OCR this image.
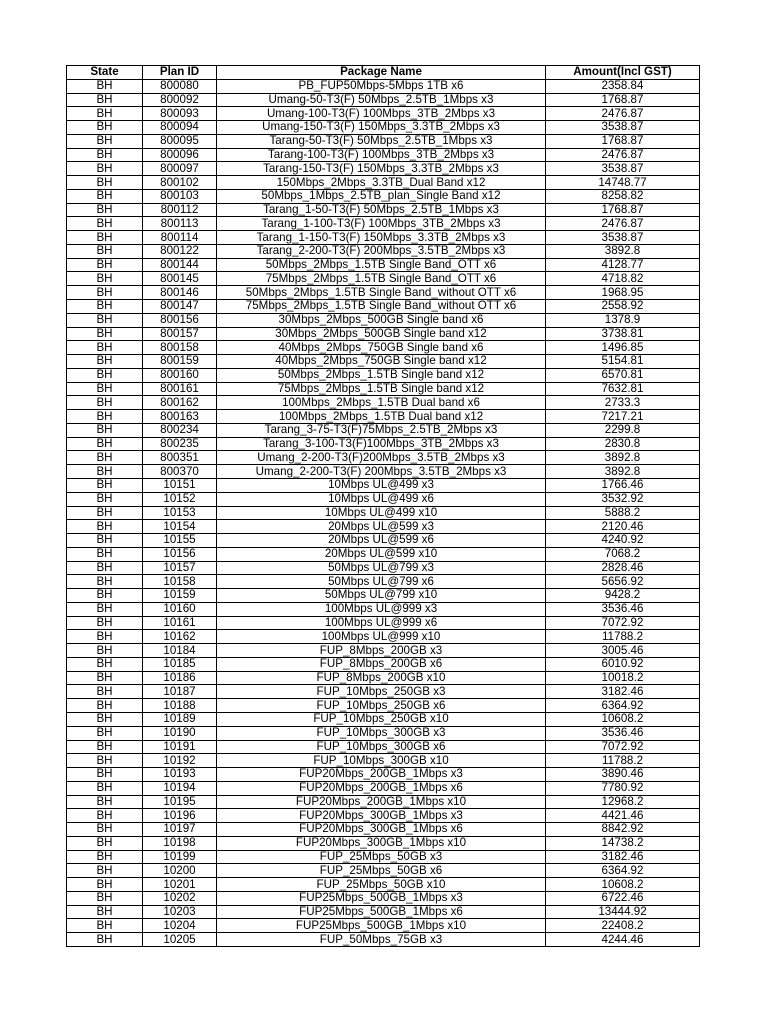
State	Plan ID	Package Name	Amount(Incl GST)
BH	800080	PB_FUP50Mbps-5Mbps 1TB x6	2358.84
BH	800092	Umang-50-T3(F) 50Mbps_2.5TB_1Mbps x3	1768.87
BH	800093	Umang-100-T3(F) 100Mbps_3TB_2Mbps x3	2476.87
BH	800094	Umang-150-T3(F) 150Mbps_3.3TB_2Mbps x3	3538.87
BH	800095	Tarang-50-T3(F) 50Mbps_2.5TB_1Mbps x3	1768.87
BH	800096	Tarang-100-T3(F) 100Mbps_3TB_2Mbps x3	2476.87
BH	800097	Tarang-150-T3(F) 150Mbps_3.3TB_2Mbps x3	3538.87
BH	800102	150Mbps_2Mbps_3.3TB_Dual Band x12	14748.77
BH	800103	50Mbps_1Mbps_2.5TB_plan_Single Band x12	8258.82
BH	800112	Tarang_1-50-T3(F) 50Mbps_2.5TB_1Mbps x3	1768.87
BH	800113	Tarang_1-100-T3(F) 100Mbps_3TB_2Mbps x3	2476.87
BH	800114	Tarang_1-150-T3(F) 150Mbps_3.3TB_2Mbps x3	3538.87
BH	800122	Tarang_2-200-T3(F) 200Mbps_3.5TB_2Mbps x3	3892.8
BH	800144	50Mbps_2Mbps_1.5TB Single Band_OTT x6	4128.77
BH	800145	75Mbps_2Mbps_1.5TB Single Band_OTT x6	4718.82
BH	800146	50Mbps_2Mbps_1.5TB Single Band_without OTT x6	1968.95
BH	800147	75Mbps_2Mbps_1.5TB Single Band_without OTT x6	2558.92
BH	800156	30Mbps_2Mbps_500GB Single band x6	1378.9
BH	800157	30Mbps_2Mbps_500GB Single band x12	3738.81
BH	800158	40Mbps_2Mbps_750GB Single band x6	1496.85
BH	800159	40Mbps_2Mbps_750GB Single band x12	5154.81
BH	800160	50Mbps_2Mbps_1.5TB Single band x12	6570.81
BH	800161	75Mbps_2Mbps_1.5TB Single band x12	7632.81
BH	800162	100Mbps_2Mbps_1.5TB Dual band x6	2733.3
BH	800163	100Mbps_2Mbps_1.5TB Dual band x12	7217.21
BH	800234	Tarang_3-75-T3(F)75Mbps_2.5TB_2Mbps x3	2299.8
BH	800235	Tarang_3-100-T3(F)100Mbps_3TB_2Mbps x3	2830.8
BH	800351	Umang_2-200-T3(F)200Mbps_3.5TB_2Mbps x3	3892.8
BH	800370	Umang_2-200-T3(F) 200Mbps_3.5TB_2Mbps x3	3892.8
BH	10151	10Mbps UL@499 x3	1766.46
BH	10152	10Mbps UL@499 x6	3532.92
BH	10153	10Mbps UL@499 x10	5888.2
BH	10154	20Mbps UL@599 x3	2120.46
BH	10155	20Mbps UL@599 x6	4240.92
BH	10156	20Mbps UL@599 x10	7068.2
BH	10157	50Mbps UL@799 x3	2828.46
BH	10158	50Mbps UL@799 x6	5656.92
BH	10159	50Mbps UL@799 x10	9428.2
BH	10160	100Mbps UL@999 x3	3536.46
BH	10161	100Mbps UL@999 x6	7072.92
BH	10162	100Mbps UL@999 x10	11788.2
BH	10184	FUP_8Mbps_200GB x3	3005.46
BH	10185	FUP_8Mbps_200GB x6	6010.92
BH	10186	FUP_8Mbps_200GB x10	10018.2
BH	10187	FUP_10Mbps_250GB x3	3182.46
BH	10188	FUP_10Mbps_250GB x6	6364.92
BH	10189	FUP_10Mbps_250GB x10	10608.2
BH	10190	FUP_10Mbps_300GB x3	3536.46
BH	10191	FUP_10Mbps_300GB x6	7072.92
BH	10192	FUP_10Mbps_300GB x10	11788.2
BH	10193	FUP20Mbps_200GB_1Mbps x3	3890.46
BH	10194	FUP20Mbps_200GB_1Mbps x6	7780.92
BH	10195	FUP20Mbps_200GB_1Mbps x10	12968.2
BH	10196	FUP20Mbps_300GB_1Mbps x3	4421.46
BH	10197	FUP20Mbps_300GB_1Mbps x6	8842.92
BH	10198	FUP20Mbps_300GB_1Mbps x10	14738.2
BH	10199	FUP_25Mbps_50GB x3	3182.46
BH	10200	FUP_25Mbps_50GB x6	6364.92
BH	10201	FUP_25Mbps_50GB x10	10608.2
BH	10202	FUP25Mbps_500GB_1Mbps x3	6722.46
BH	10203	FUP25Mbps_500GB_1Mbps x6	13444.92
BH	10204	FUP25Mbps_500GB_1Mbps x10	22408.2
BH	10205	FUP_50Mbps_75GB x3	4244.46
